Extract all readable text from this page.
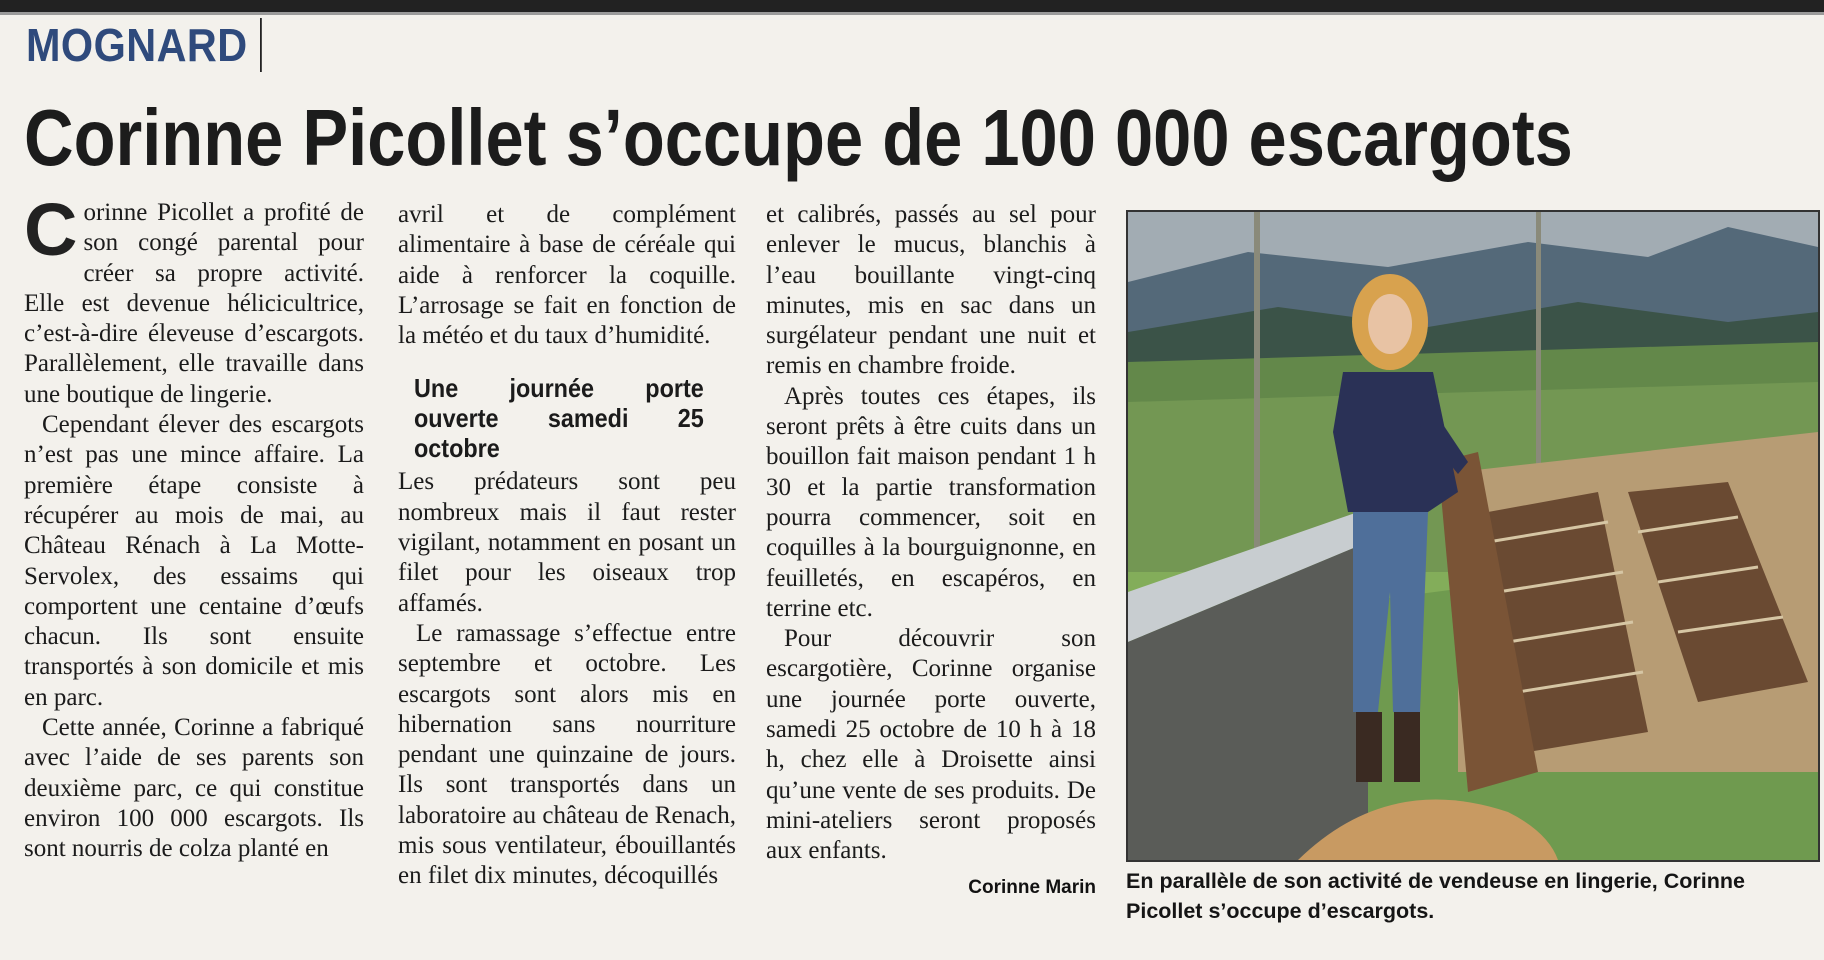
MOGNARD
Corinne Picollet s’occupe de 100 000 escargots

Corinne Picollet a profité de son congé parental pour créer sa propre activité. Elle est devenue hélicicultrice, c’est-à-dire éleveuse d’escargots. Parallèlement, elle travaille dans une boutique de lingerie.

Cependant élever des escargots n’est pas une mince affaire. La première étape consiste à récupérer au mois de mai, au Château Rénach à La Motte-Servolex, des essaims qui comportent une centaine d’œufs chacun. Ils sont ensuite transportés à son domicile et mis en parc.

Cette année, Corinne a fabriqué avec l’aide de ses parents son deuxième parc, ce qui constitue environ 100 000 escargots. Ils sont nourris de colza planté en

avril et de complément alimentaire à base de céréale qui aide à renforcer la coquille. L’arrosage se fait en fonction de la météo et du taux d’humidité.

Une journée porte ouverte samedi 25 octobre

Les prédateurs sont peu nombreux mais il faut rester vigilant, notamment en posant un filet pour les oiseaux trop affamés.

Le ramassage s’effectue entre septembre et octobre. Les escargots sont alors mis en hibernation sans nourriture pendant une quinzaine de jours. Ils sont transportés dans un laboratoire au château de Renach, mis sous ventilateur, ébouillantés en filet dix minutes, décoquillés

et calibrés, passés au sel pour enlever le mucus, blanchis à l’eau bouillante vingt-cinq minutes, mis en sac dans un surgélateur pendant une nuit et remis en chambre froide.

Après toutes ces étapes, ils seront prêts à être cuits dans un bouillon fait maison pendant 1 h 30 et la partie transformation pourra commencer, soit en coquilles à la bourguignonne, en feuilletés, en escapéros, en terrine etc.

Pour découvrir son escargotière, Corinne organise une journée porte ouverte, samedi 25 octobre de 10 h à 18 h, chez elle à Droisette ainsi qu’une vente de ses produits. De mini-ateliers seront proposés aux enfants.

Corinne Marin En parallèle de son activité de vendeuse en lingerie, Corinne Picollet s’occupe d’escargots.
